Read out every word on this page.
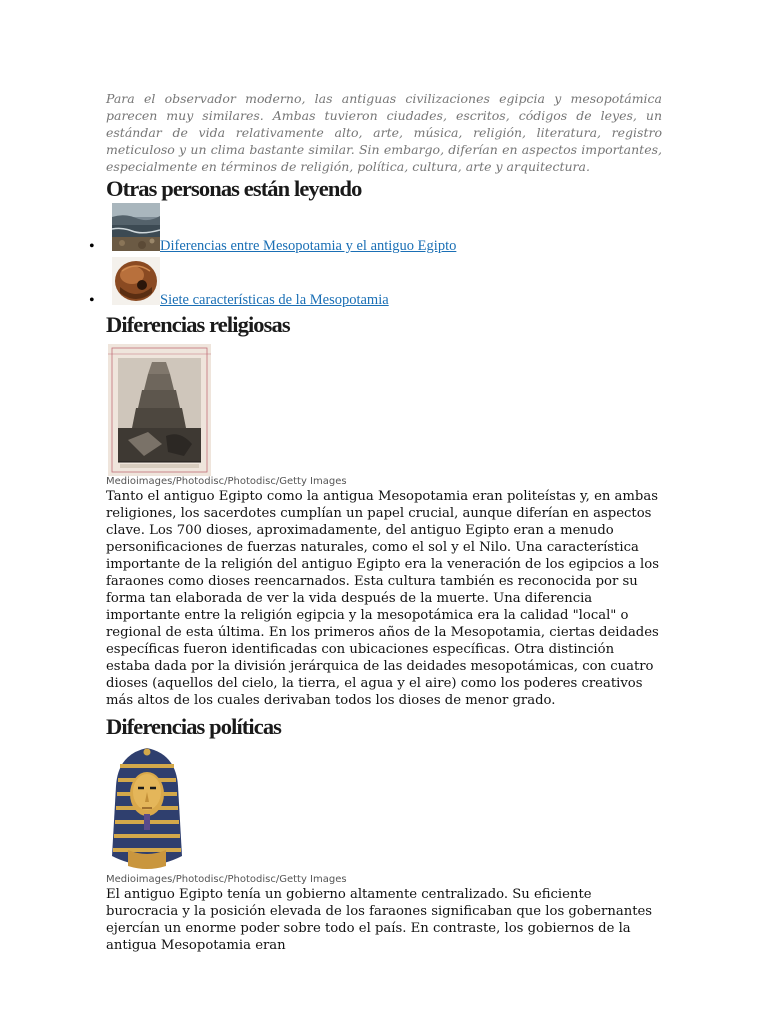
Para el observador moderno, las antiguas civilizaciones egipcia y mesopotámica parecen muy similares. Ambas tuvieron ciudades, escritos, códigos de leyes, un estándar de vida relativamente alto, arte, música, religión, literatura, registro meticuloso y un clima bastante similar. Sin embargo, diferían en aspectos importantes, especialmente en términos de religión, política, cultura, arte y arquitectura.

Otras personas están leyendo
•	Diferencias entre Mesopotamia y el antiguo Egipto
•	Siete características de la Mesopotamia
Diferencias religiosas

Medioimages/Photodisc/Photodisc/Getty Images

Tanto el antiguo Egipto como la antigua Mesopotamia eran politeístas y, en ambas religiones, los sacerdotes cumplían un papel crucial, aunque diferían en aspectos clave. Los 700 dioses, aproximadamente, del antiguo Egipto eran a menudo personificaciones de fuerzas naturales, como el sol y el Nilo. Una característica importante de la religión del antiguo Egipto era la veneración de los egipcios a los faraones como dioses reencarnados. Esta cultura también es reconocida por su forma tan elaborada de ver la vida después de la muerte. Una diferencia importante entre la religión egipcia y la mesopotámica era la calidad "local" o regional de esta última. En los primeros años de la Mesopotamia, ciertas deidades específicas fueron identificadas con ubicaciones específicas. Otra distinción estaba dada por la división jerárquica de las deidades mesopotámicas, con cuatro dioses (aquellos del cielo, la tierra, el agua y el aire) como los poderes creativos más altos de los cuales derivaban todos los dioses de menor grado.

Diferencias políticas

Medioimages/Photodisc/Photodisc/Getty Images

El antiguo Egipto tenía un gobierno altamente centralizado. Su eficiente burocracia y la posición elevada de los faraones significaban que los gobernantes ejercían un enorme poder sobre todo el país. En contraste, los gobiernos de la antigua Mesopotamia eran
